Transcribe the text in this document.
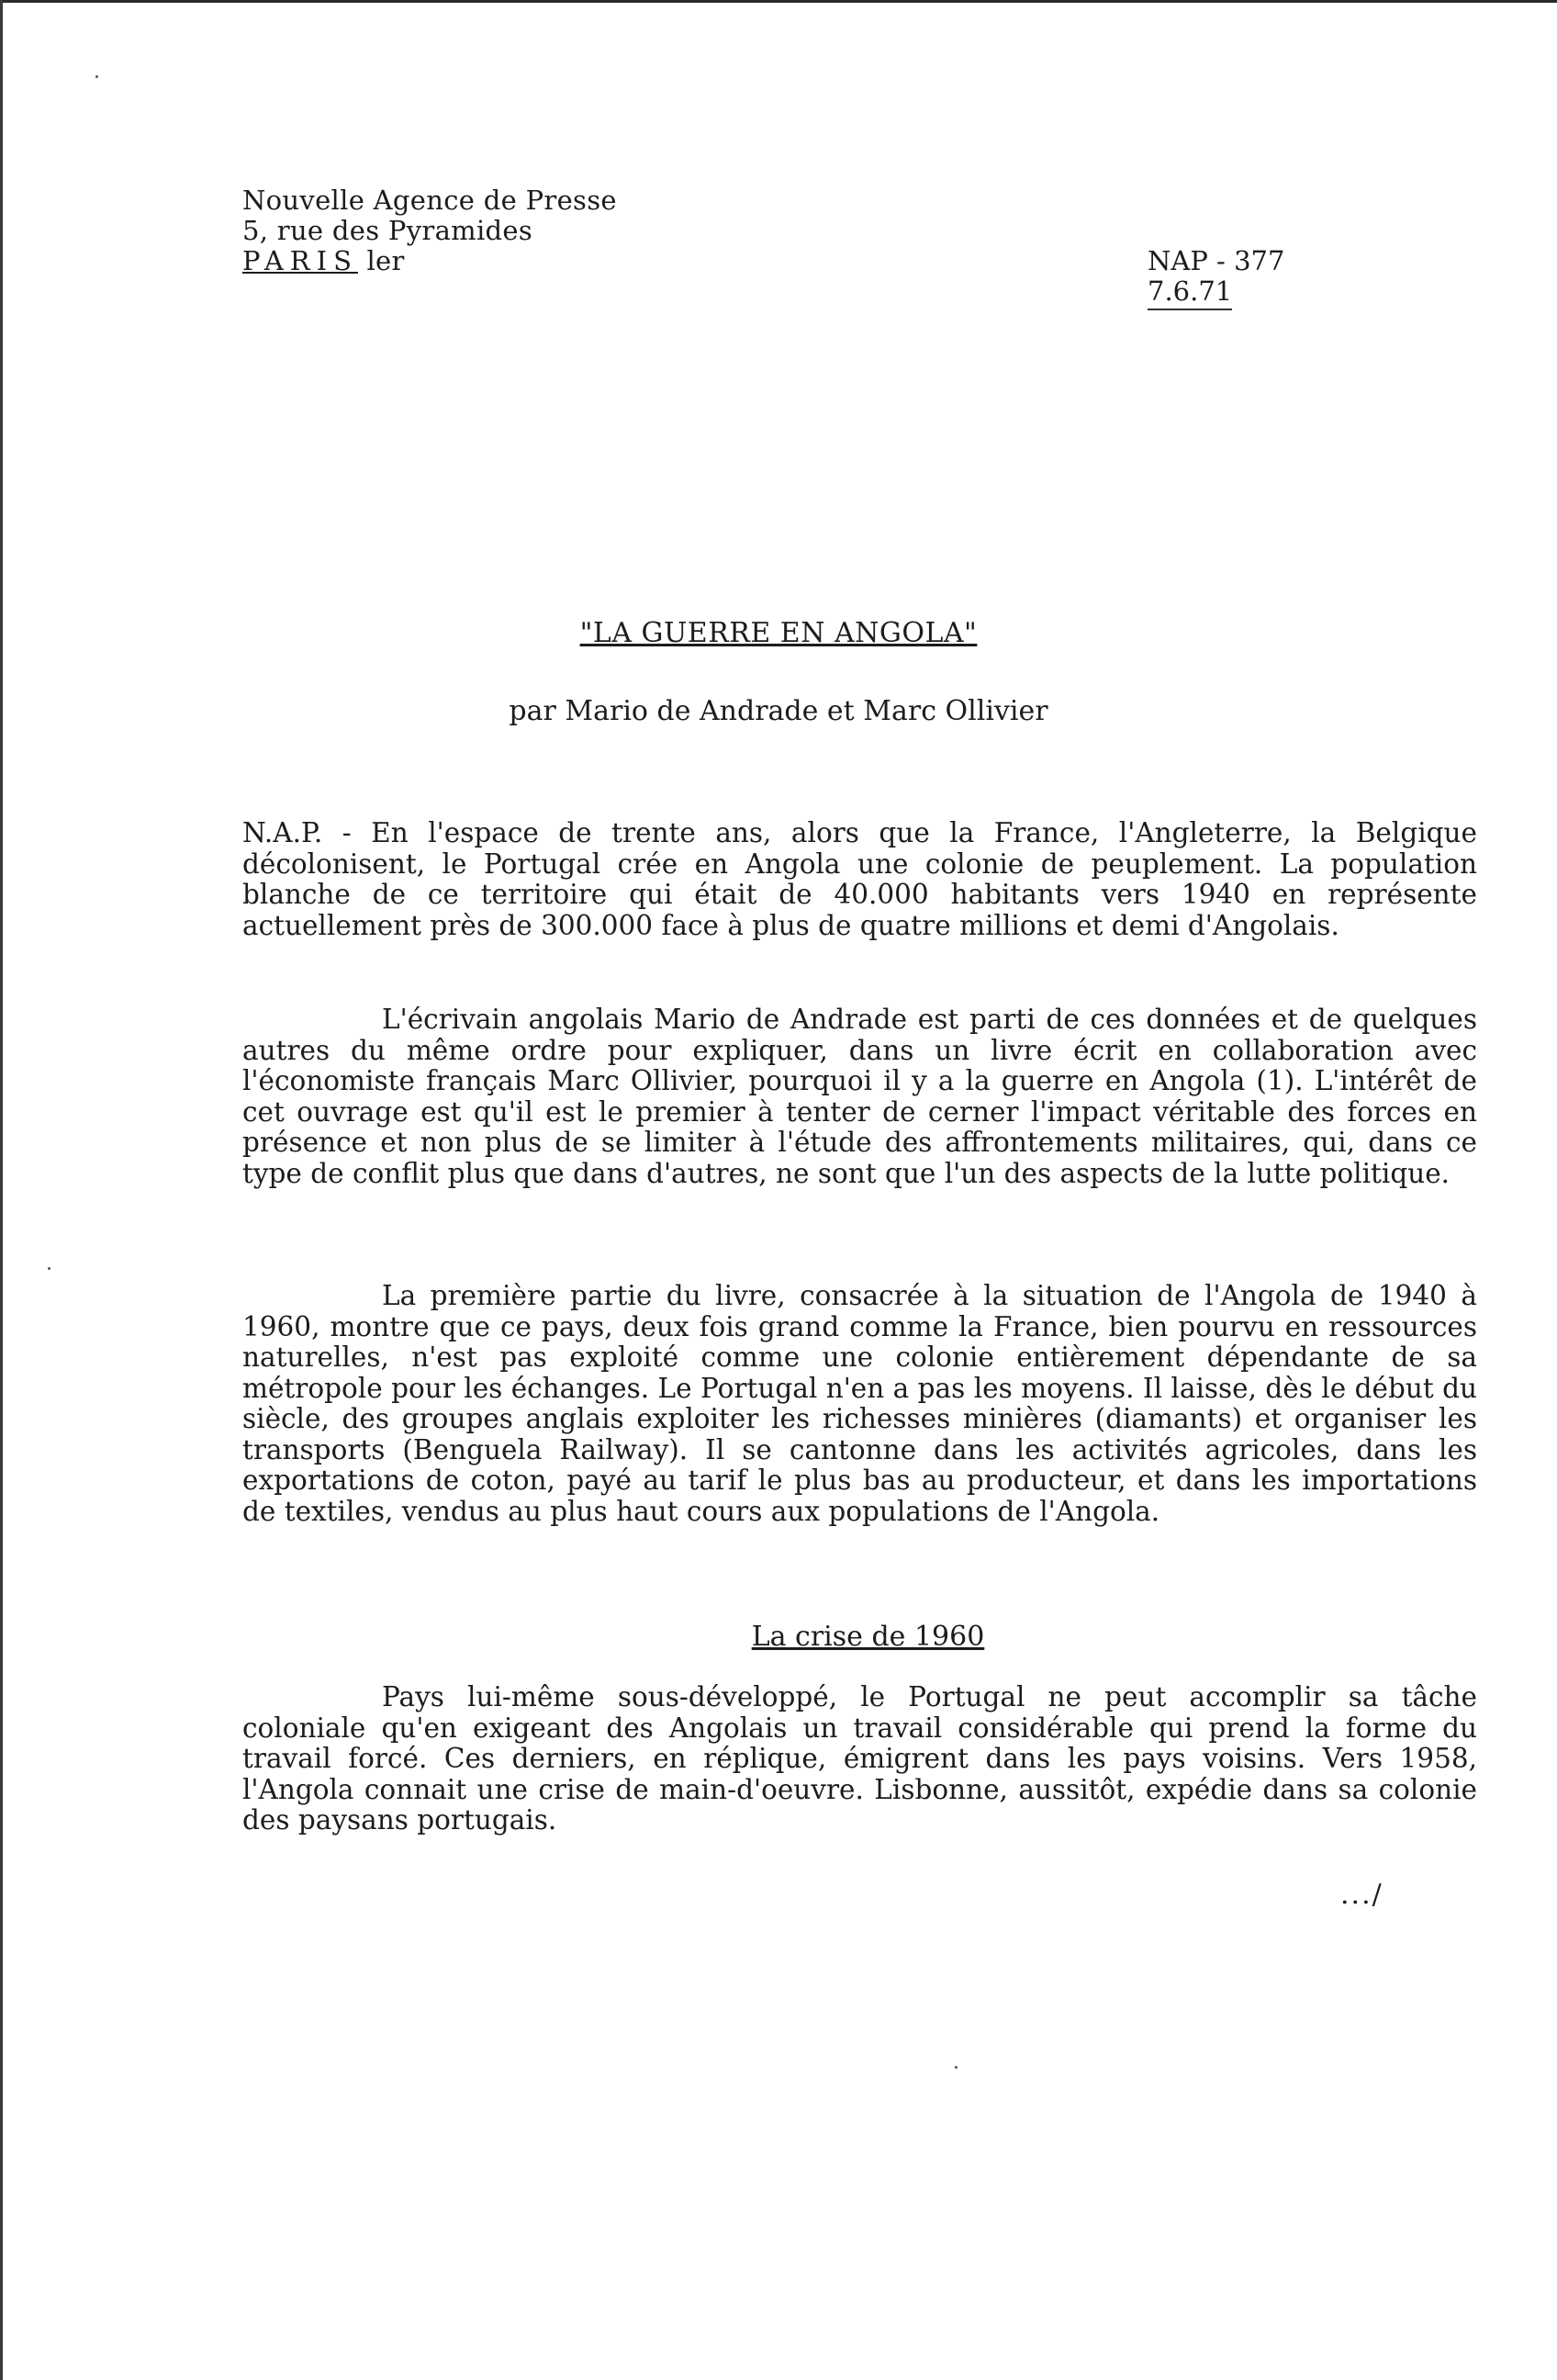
Nouvelle Agence de Presse
5, rue des Pyramides
PARIS ler	NAP - 377
7.6.71
"LA GUERRE EN ANGOLA"
par Mario de Andrade et Marc Ollivier

N.A.P. - En l'espace de trente ans, alors que la France, l'Angleterre, la Belgique décolonisent, le Portugal crée en Angola une colonie de peuplement. La population blanche de ce territoire qui était de 40.000 habitants vers 1940 en représente actuellement près de 300.000 face à plus de quatre millions et demi d'Angolais.

L'écrivain angolais Mario de Andrade est parti de ces données et de quelques autres du même ordre pour expliquer, dans un livre écrit en collaboration avec l'économiste français Marc Ollivier, pourquoi il y a la guerre en Angola (1). L'intérêt de cet ouvrage est qu'il est le premier à tenter de cerner l'impact véritable des forces en présence et non plus de se limiter à l'étude des affrontements militaires, qui, dans ce type de conflit plus que dans d'autres, ne sont que l'un des aspects de la lutte politique.

La première partie du livre, consacrée à la situation de l'Angola de 1940 à 1960, montre que ce pays, deux fois grand comme la France, bien pourvu en ressources naturelles, n'est pas exploité comme une colonie entièrement dépendante de sa métropole pour les échanges. Le Portugal n'en a pas les moyens. Il laisse, dès le début du siècle, des groupes anglais exploiter les richesses minières (diamants) et organiser les transports (Benguela Railway). Il se cantonne dans les activités agricoles, dans les exportations de coton, payé au tarif le plus bas au producteur, et dans les importations de textiles, vendus au plus haut cours aux populations de l'Angola.

La crise de 1960

Pays lui-même sous-développé, le Portugal ne peut accomplir sa tâche coloniale qu'en exigeant des Angolais un travail considérable qui prend la forme du travail forcé. Ces derniers, en réplique, émigrent dans les pays voisins. Vers 1958, l'Angola connait une crise de main-d'oeuvre. Lisbonne, aussitôt, expédie dans sa colonie des paysans portugais.

.../
